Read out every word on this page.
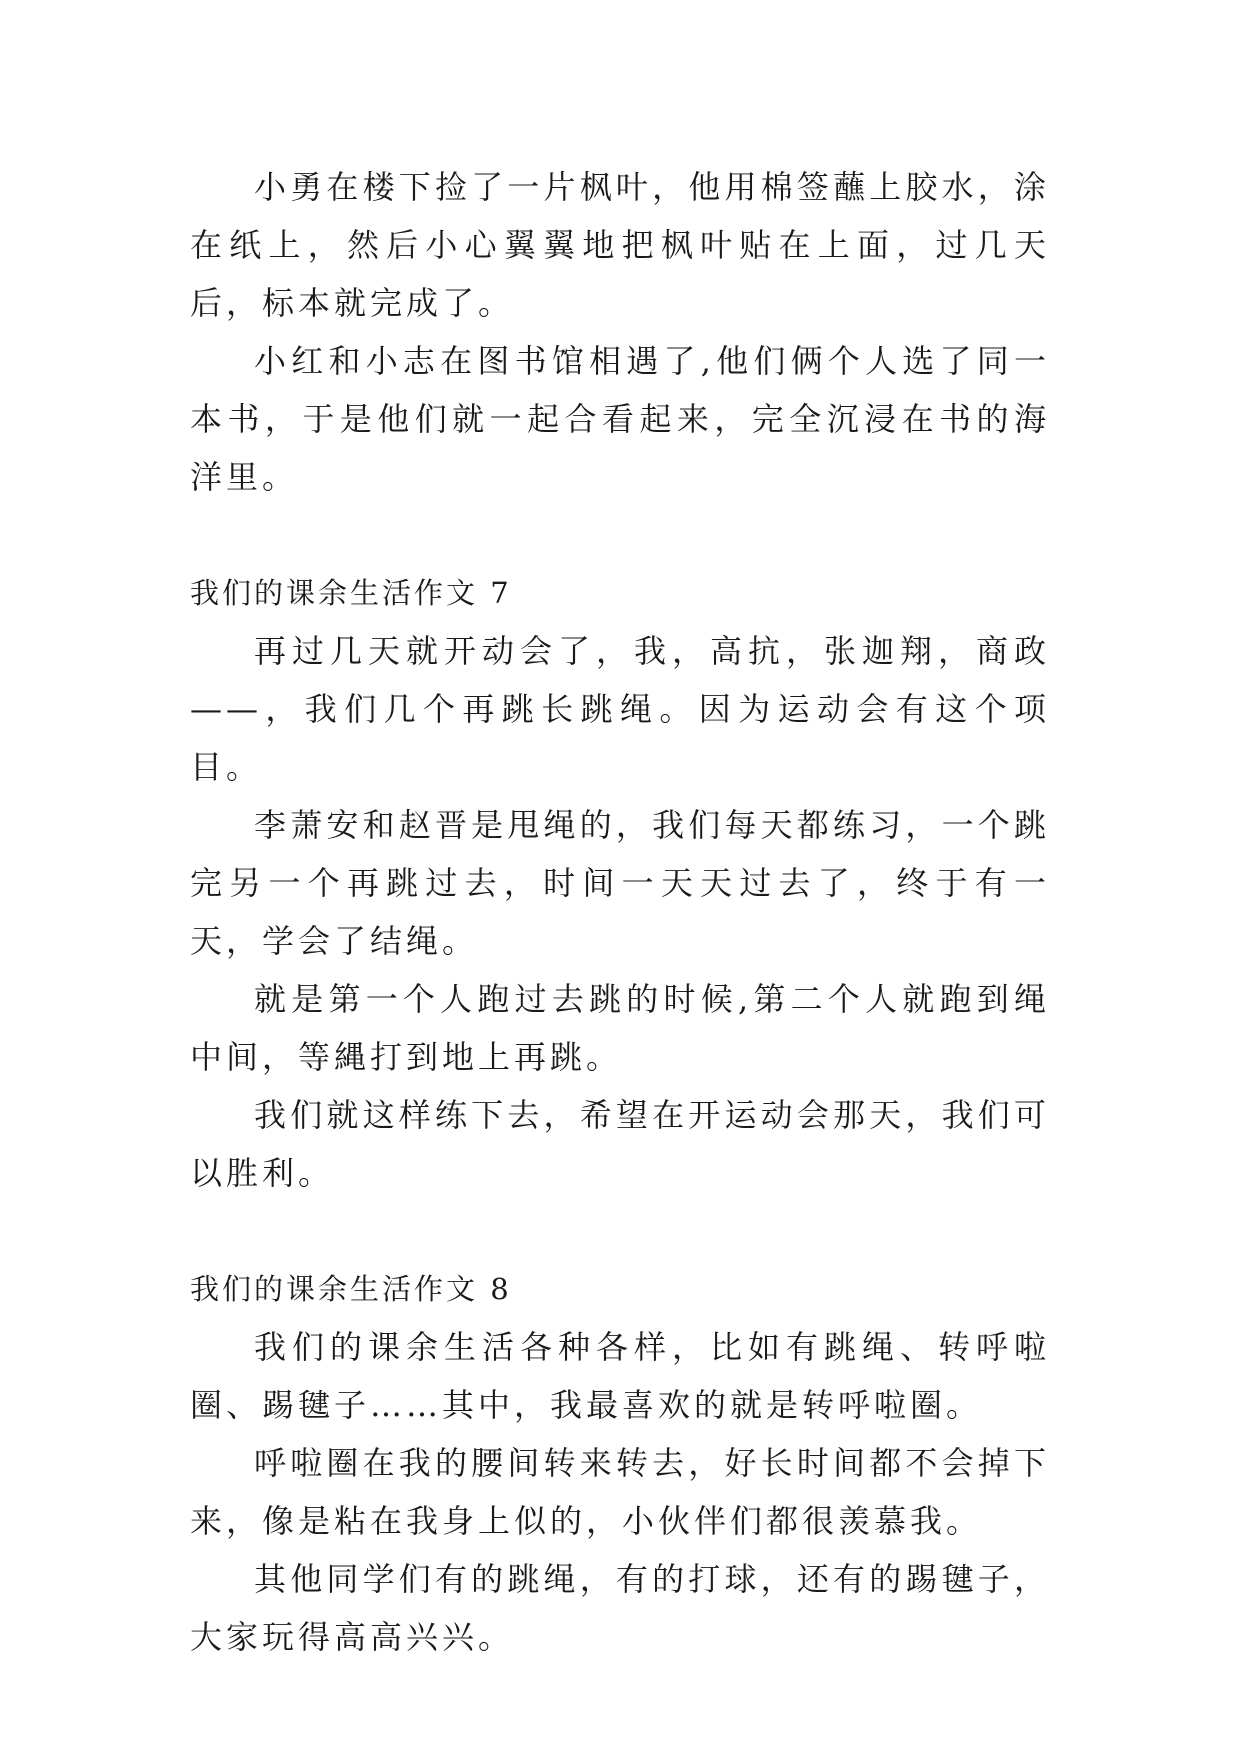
小勇在楼下捡了一片枫叶，他用棉签蘸上胶水，涂在纸上，然后小心翼翼地把枫叶贴在上面，过几天后，标本就完成了。

小红和小志在图书馆相遇了,他们俩个人选了同一本书，于是他们就一起合看起来，完全沉浸在书的海洋里。

我们的课余生活作文 7

再过几天就开动会了，我，高抗，张迦翔，商政——，我们几个再跳长跳绳。因为运动会有这个项目。

李萧安和赵晋是甩绳的，我们每天都练习，一个跳完另一个再跳过去，时间一天天过去了，终于有一天，学会了结绳。

就是第一个人跑过去跳的时候,第二个人就跑到绳中间，等縄打到地上再跳。

我们就这样练下去，希望在开运动会那天，我们可以胜利。

我们的课余生活作文 8

我们的课余生活各种各样，比如有跳绳、转呼啦圈、踢毽子……其中，我最喜欢的就是转呼啦圈。

呼啦圈在我的腰间转来转去，好长时间都不会掉下来，像是粘在我身上似的，小伙伴们都很羡慕我。

其他同学们有的跳绳，有的打球，还有的踢毽子，大家玩得高高兴兴。
